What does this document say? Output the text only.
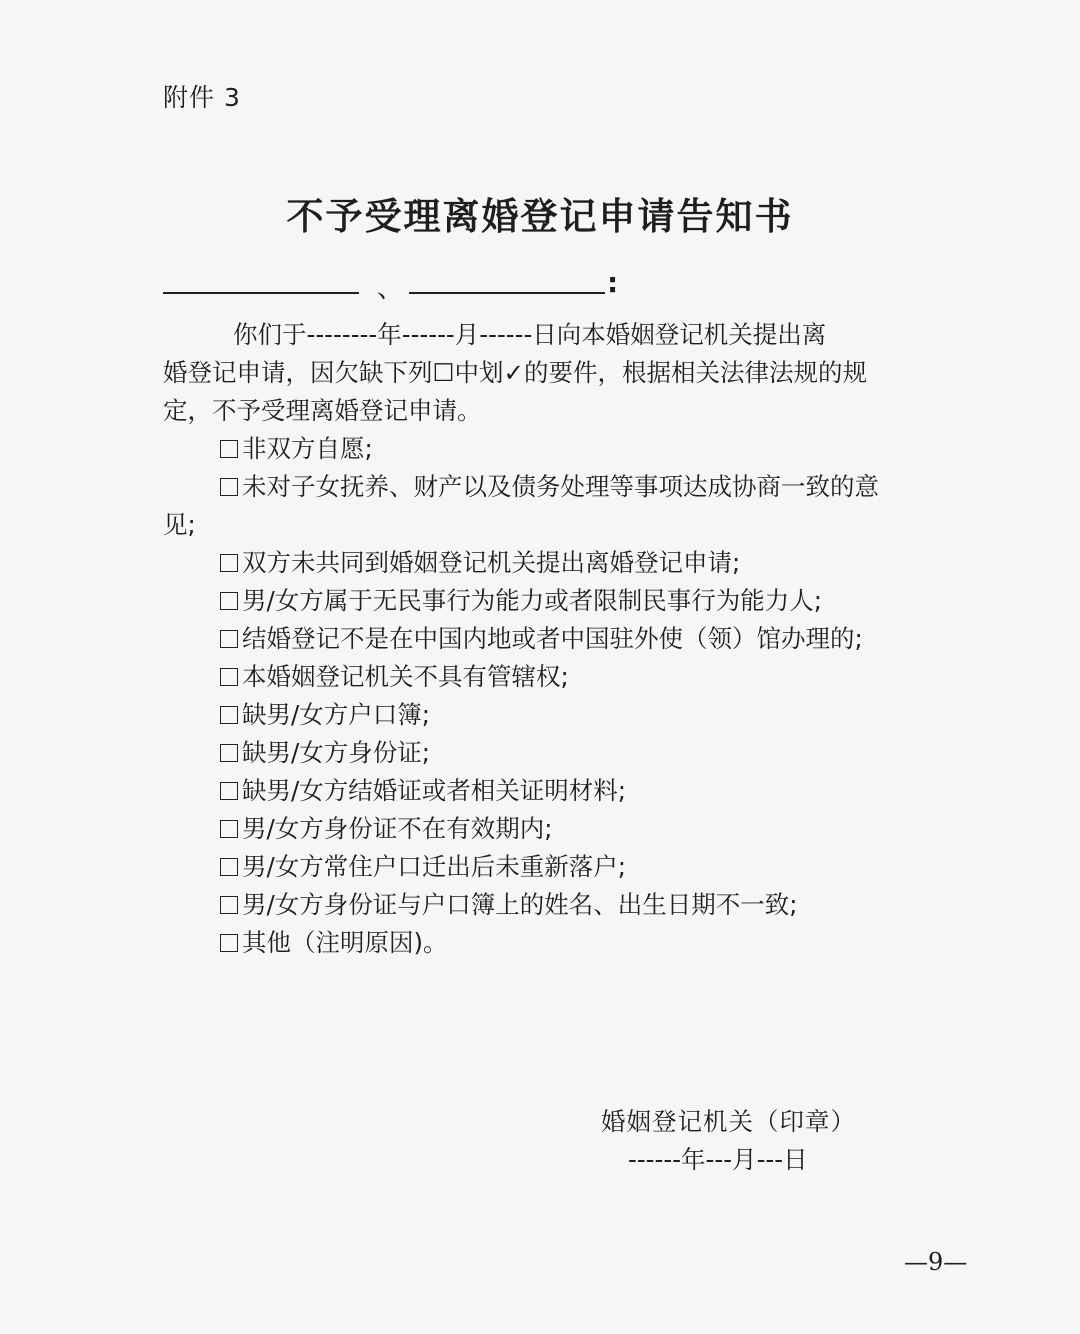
附件 3
不予受理离婚登记申请告知书
、	:
你们于--------年------月------日向本婚姻登记机关提出离
婚登记申请，因欠缺下列☐中划✓的要件，根据相关法律法规的规
定，不予受理离婚登记申请。
非双方自愿;
未对子女抚养、财产以及债务处理等事项达成协商一致的意
见;
双方未共同到婚姻登记机关提出离婚登记申请;
男/女方属于无民事行为能力或者限制民事行为能力人;
结婚登记不是在中国内地或者中国驻外使（领）馆办理的;
本婚姻登记机关不具有管辖权;
缺男/女方户口簿;
缺男/女方身份证;
缺男/女方结婚证或者相关证明材料;
男/女方身份证不在有效期内;
男/女方常住户口迁出后未重新落户;
男/女方身份证与户口簿上的姓名、出生日期不一致;
其他（注明原因)。
婚姻登记机关（印章）
------年---月---日
—9—
